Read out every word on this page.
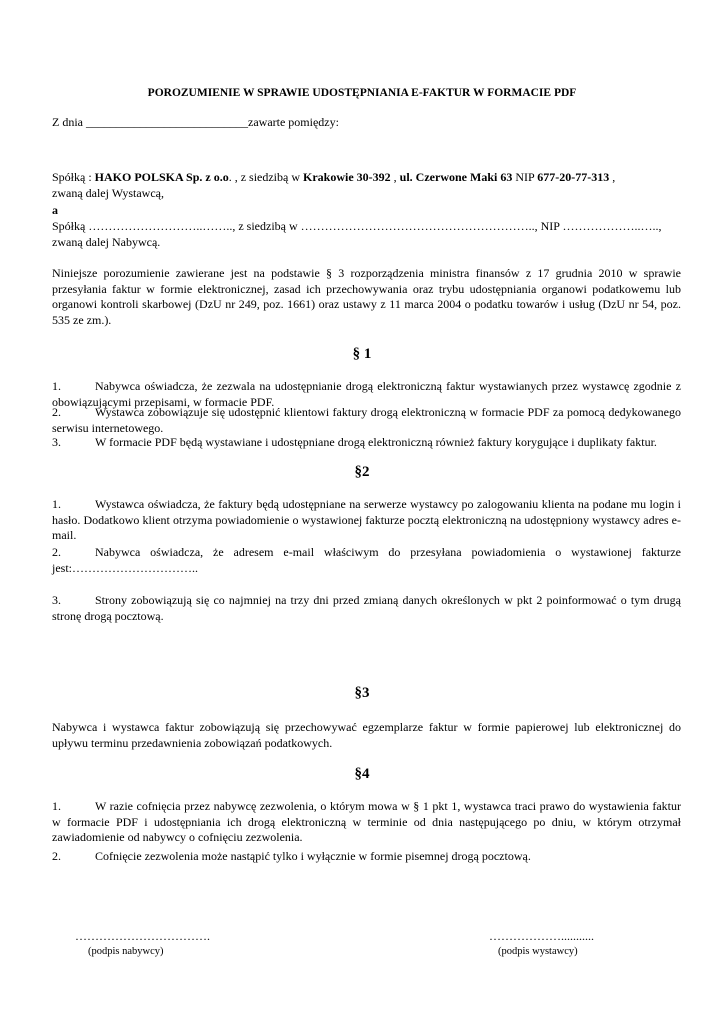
POROZUMIENIE W SPRAWIE UDOSTĘPNIANIA E-FAKTUR W FORMACIE PDF
Z dnia ___________________________zawarte pomiędzy:
Spółką : HAKO POLSKA Sp. z o.o. , z siedzibą w Krakowie 30-392 , ul. Czerwone Maki 63 NIP 677-20-77-313 ,
zwaną dalej Wystawcą,
a
Spółką ………………………..…….., z siedzibą w ………………………………………………….., NIP ………………..…..,
zwaną dalej Nabywcą.
Niniejsze porozumienie zawierane jest na podstawie § 3 rozporządzenia ministra finansów z 17 grudnia 2010 w sprawie przesyłania faktur w formie elektronicznej, zasad ich przechowywania oraz trybu udostępniania organowi podatkowemu lub organowi kontroli skarbowej (DzU nr 249, poz. 1661) oraz ustawy z 11 marca 2004 o podatku towarów i usług (DzU nr 54, poz. 535 ze zm.).
§ 1
1.	Nabywca oświadcza, że zezwala na udostępnianie drogą elektroniczną faktur wystawianych przez wystawcę zgodnie z obowiązującymi przepisami, w formacie PDF.
2.	Wystawca zobowiązuje się udostępnić klientowi faktury drogą elektroniczną w formacie PDF za pomocą dedykowanego serwisu internetowego.
3.	W formacie PDF będą wystawiane i udostępniane drogą elektroniczną również faktury korygujące i duplikaty faktur.
§2
1.	Wystawca oświadcza, że faktury będą udostępniane na serwerze wystawcy po zalogowaniu klienta na podane mu login i hasło. Dodatkowo klient otrzyma powiadomienie o wystawionej fakturze pocztą elektroniczną na udostępniony wystawcy adres e-mail.
2.	Nabywca oświadcza, że adresem e-mail właściwym do przesyłana powiadomienia o wystawionej fakturze jest:…………………………..
3.	Strony zobowiązują się co najmniej na trzy dni przed zmianą danych określonych w pkt 2 poinformować o tym drugą stronę drogą pocztową.
§3
Nabywca i wystawca faktur zobowiązują się przechowywać egzemplarze faktur w formie papierowej lub elektronicznej do upływu terminu przedawnienia zobowiązań podatkowych.
§4
1.	W razie cofnięcia przez nabywcę zezwolenia, o którym mowa w § 1 pkt 1, wystawca traci prawo do wystawienia faktur w formacie PDF i udostępniania ich drogą elektroniczną w terminie od dnia następującego po dniu, w którym otrzymał zawiadomienie od nabywcy o cofnięciu zezwolenia.
2.	Cofnięcie zezwolenia może nastąpić tylko i wyłącznie w formie pisemnej drogą pocztową.
…………………………….
(podpis nabywcy)
………………...........
(podpis wystawcy)
